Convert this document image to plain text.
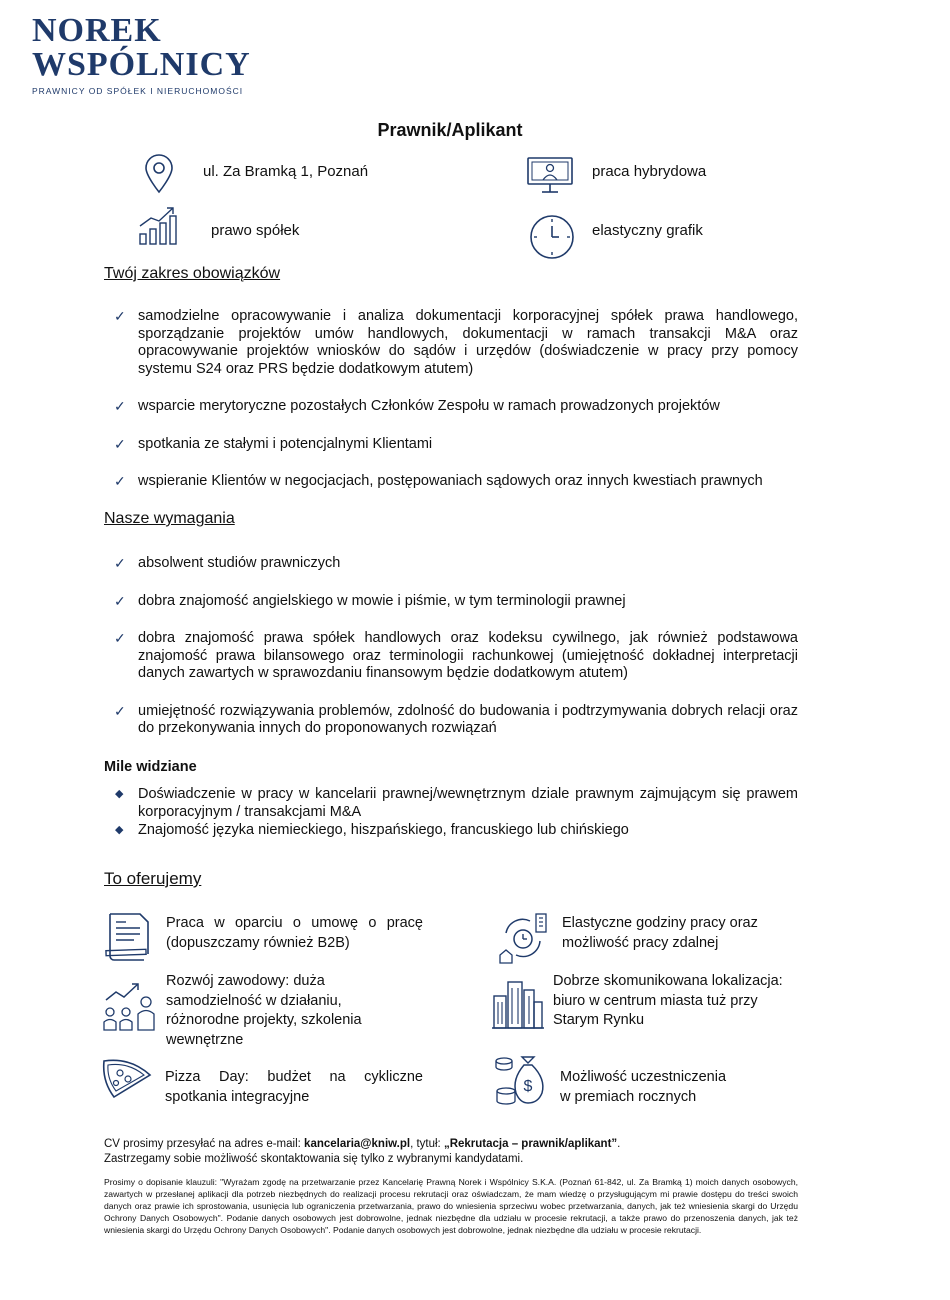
NOREK
WSPÓLNICY
PRAWNICY OD SPÓŁEK I NIERUCHOMOŚCI
Prawnik/Aplikant
ul. Za Bramką 1, Poznań	praca hybrydowa
prawo spółek	elastyczny grafik
Twój zakres obowiązków
✓ samodzielne opracowywanie i analiza dokumentacji korporacyjnej spółek prawa handlowego, sporządzanie projektów umów handlowych, dokumentacji w ramach transakcji M&A oraz opracowywanie projektów wniosków do sądów i urzędów (doświadczenie w pracy przy pomocy systemu S24 oraz PRS będzie dodatkowym atutem)
✓ wsparcie merytoryczne pozostałych Członków Zespołu w ramach prowadzonych projektów
✓ spotkania ze stałymi i potencjalnymi Klientami
✓ wspieranie Klientów w negocjacjach, postępowaniach sądowych oraz innych kwestiach prawnych
Nasze wymagania
✓ absolwent studiów prawniczych
✓ dobra znajomość angielskiego w mowie i piśmie, w tym terminologii prawnej
✓ dobra znajomość prawa spółek handlowych oraz kodeksu cywilnego, jak również podstawowa znajomość prawa bilansowego oraz terminologii rachunkowej (umiejętność dokładnej interpretacji danych zawartych w sprawozdaniu finansowym będzie dodatkowym atutem)
✓ umiejętność rozwiązywania problemów, zdolność do budowania i podtrzymywania dobrych relacji oraz do przekonywania innych do proponowanych rozwiązań
Mile widziane
◆ Doświadczenie w pracy w kancelarii prawnej/wewnętrznym dziale prawnym zajmującym się prawem korporacyjnym / transakcjami M&A
◆ Znajomość języka niemieckiego, hiszpańskiego, francuskiego lub chińskiego
To oferujemy
Praca w oparciu o umowę o pracę
(dopuszczamy również B2B)
Elastyczne godziny pracy oraz
możliwość pracy zdalnej
Rozwój zawodowy: duża
samodzielność w działaniu,
różnorodne projekty, szkolenia
wewnętrzne
Dobrze skomunikowana lokalizacja:
biuro w centrum miasta tuż przy
Starym Rynku
Pizza Day: budżet na cykliczne
spotkania integracyjne
$
Możliwość uczestniczenia
w premiach rocznych
CV prosimy przesyłać na adres e-mail: kancelaria@kniw.pl, tytuł: „Rekrutacja – prawnik/aplikant”.
Zastrzegamy sobie możliwość skontaktowania się tylko z wybranymi kandydatami.
Prosimy o dopisanie klauzuli: "Wyrażam zgodę na przetwarzanie przez Kancelarię Prawną Norek i Wspólnicy S.K.A. (Poznań 61-842, ul. Za Bramką 1) moich danych osobowych, zawartych w przesłanej aplikacji dla potrzeb niezbędnych do realizacji procesu rekrutacji oraz oświadczam, że mam wiedzę o przysługującym mi prawie dostępu do treści swoich danych oraz prawie ich sprostowania, usunięcia lub ograniczenia przetwarzania, prawo do wniesienia sprzeciwu wobec przetwarzania, danych, jak też wniesienia skargi do Urzędu Ochrony Danych Osobowych". Podanie danych osobowych jest dobrowolne, jednak niezbędne dla udziału w procesie rekrutacji, a także prawo do przenoszenia danych, jak też wniesienia skargi do Urzędu Ochrony Danych Osobowych". Podanie danych osobowych jest dobrowolne, jednak niezbędne dla udziału w procesie rekrutacji.
